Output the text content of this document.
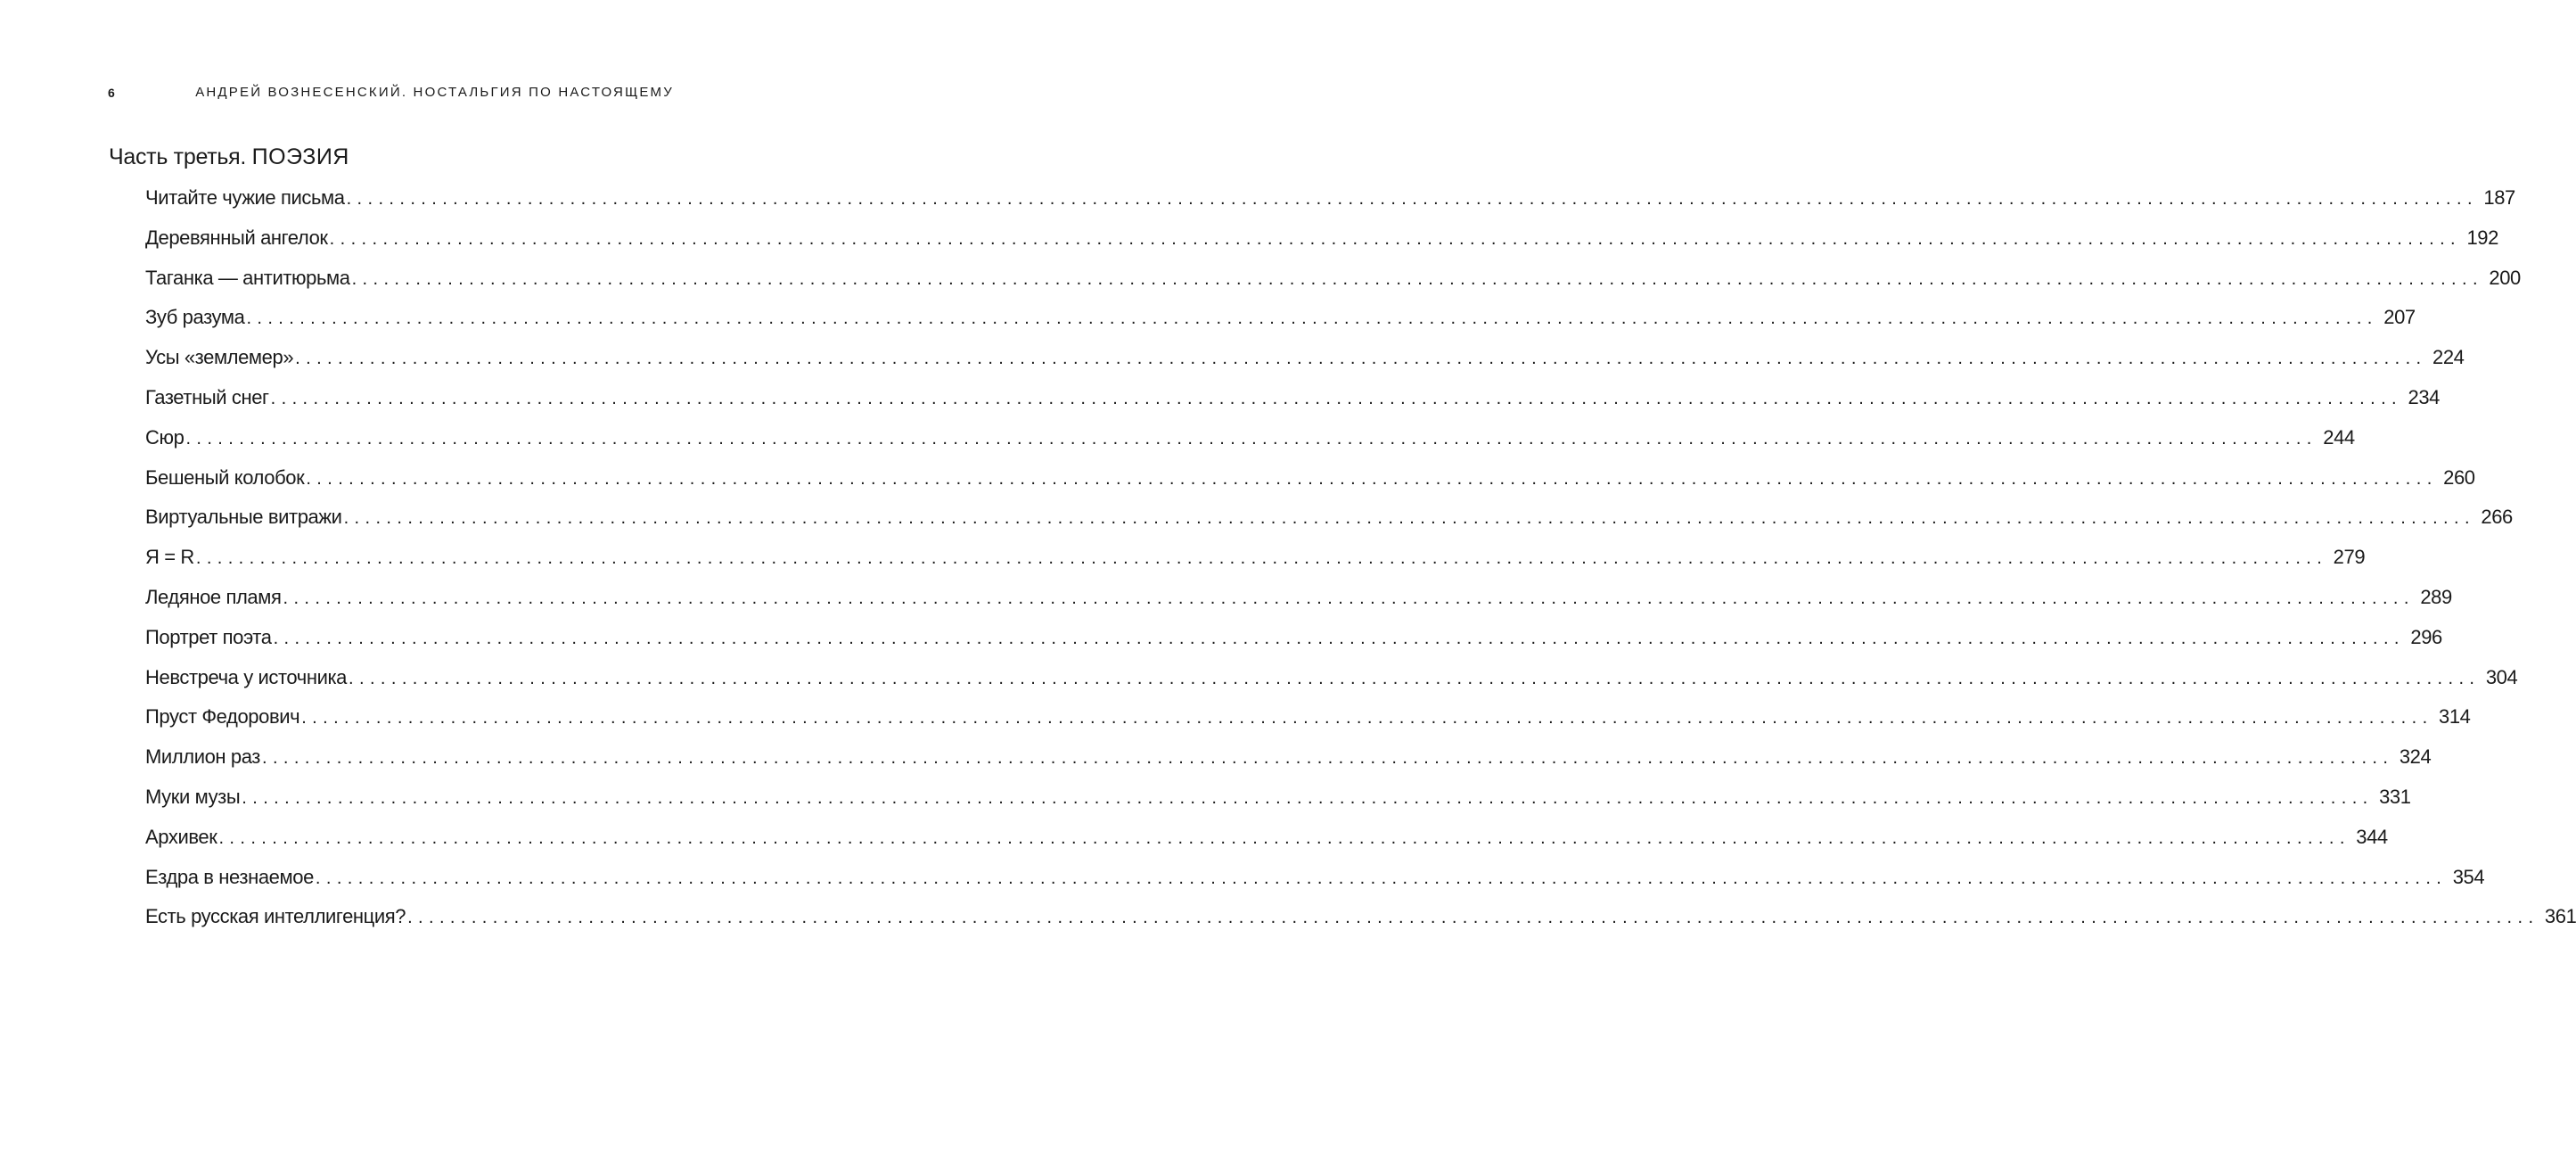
6	АНДРЕЙ ВОЗНЕСЕНСКИЙ. НОСТАЛЬГИЯ ПО НАСТОЯЩЕМУ
Часть третья. ПОЭЗИЯ
Читайте чужие письма ........................................................................................................................................................................................................ 187
Деревянный ангелок ........................................................................................................................................................................................................ 192
Таганка — антитюрьма ........................................................................................................................................................................................................ 200
Зуб разума ........................................................................................................................................................................................................ 207
Усы «землемер» ........................................................................................................................................................................................................ 224
Газетный снег ........................................................................................................................................................................................................ 234
Сюр ........................................................................................................................................................................................................ 244
Бешеный колобок ........................................................................................................................................................................................................ 260
Виртуальные витражи ........................................................................................................................................................................................................ 266
Я = R ........................................................................................................................................................................................................ 279
Ледяное пламя ........................................................................................................................................................................................................ 289
Портрет поэта ........................................................................................................................................................................................................ 296
Невстреча у источника ........................................................................................................................................................................................................ 304
Пруст Федорович ........................................................................................................................................................................................................ 314
Миллион раз ........................................................................................................................................................................................................ 324
Муки музы ........................................................................................................................................................................................................ 331
Архивек ........................................................................................................................................................................................................ 344
Ездра в незнаемое ........................................................................................................................................................................................................ 354
Есть русская интеллигенция? ........................................................................................................................................................................................................ 361
